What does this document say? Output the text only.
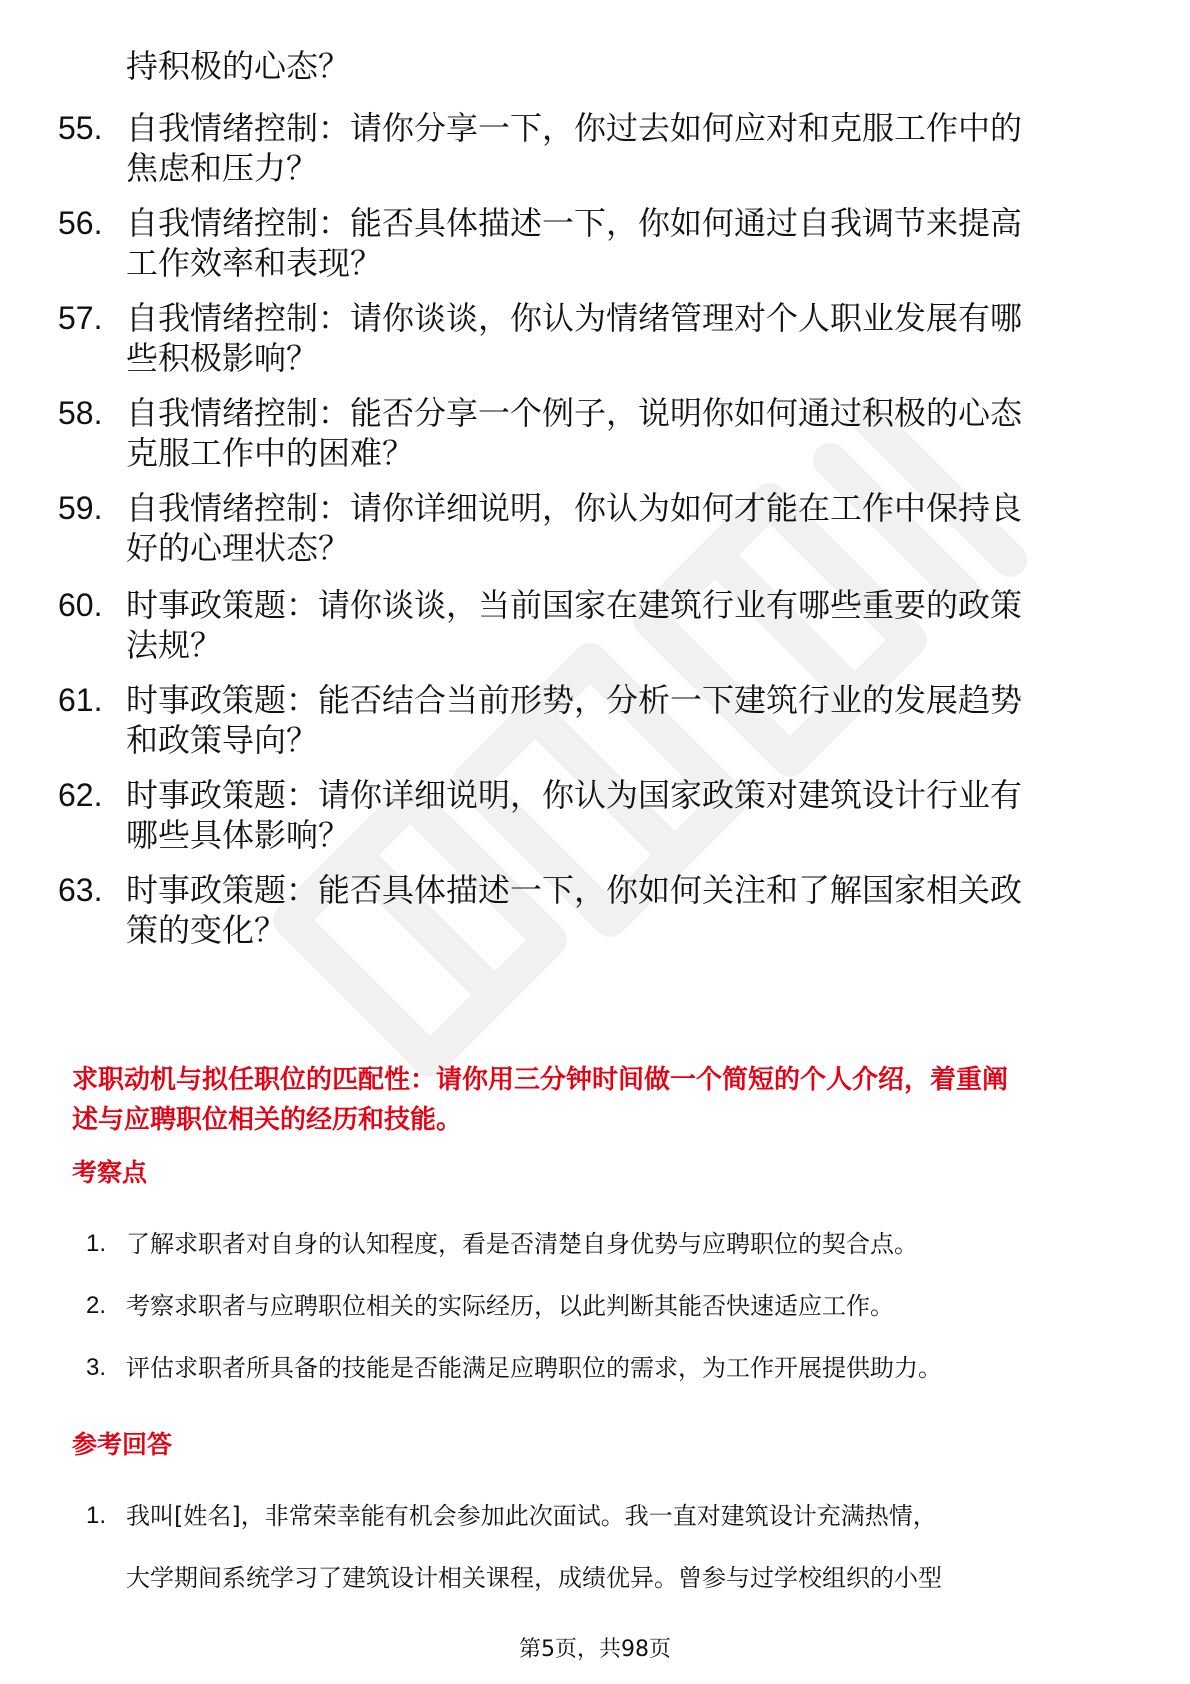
持积极的心态？
55. 自我情绪控制：请你分享一下，你过去如何应对和克服工作中的
焦虑和压力？
56. 自我情绪控制：能否具体描述一下，你如何通过自我调节来提高
工作效率和表现？
57. 自我情绪控制：请你谈谈，你认为情绪管理对个人职业发展有哪
些积极影响？
58. 自我情绪控制：能否分享一个例子，说明你如何通过积极的心态
克服工作中的困难？
59. 自我情绪控制：请你详细说明，你认为如何才能在工作中保持良
好的心理状态？
60. 时事政策题：请你谈谈，当前国家在建筑行业有哪些重要的政策
法规？
61. 时事政策题：能否结合当前形势，分析一下建筑行业的发展趋势
和政策导向？
62. 时事政策题：请你详细说明，你认为国家政策对建筑设计行业有
哪些具体影响？
63. 时事政策题：能否具体描述一下，你如何关注和了解国家相关政
策的变化？
求职动机与拟任职位的匹配性：请你用三分钟时间做一个简短的个人介绍，着重阐
述与应聘职位相关的经历和技能。
考察点
1. 了解求职者对自身的认知程度，看是否清楚自身优势与应聘职位的契合点。
2. 考察求职者与应聘职位相关的实际经历，以此判断其能否快速适应工作。
3. 评估求职者所具备的技能是否能满足应聘职位的需求，为工作开展提供助力。
参考回答
1. 我叫[姓名]，非常荣幸能有机会参加此次面试。我一直对建筑设计充满热情，
大学期间系统学习了建筑设计相关课程，成绩优异。曾参与过学校组织的小型
第5页，共98页
